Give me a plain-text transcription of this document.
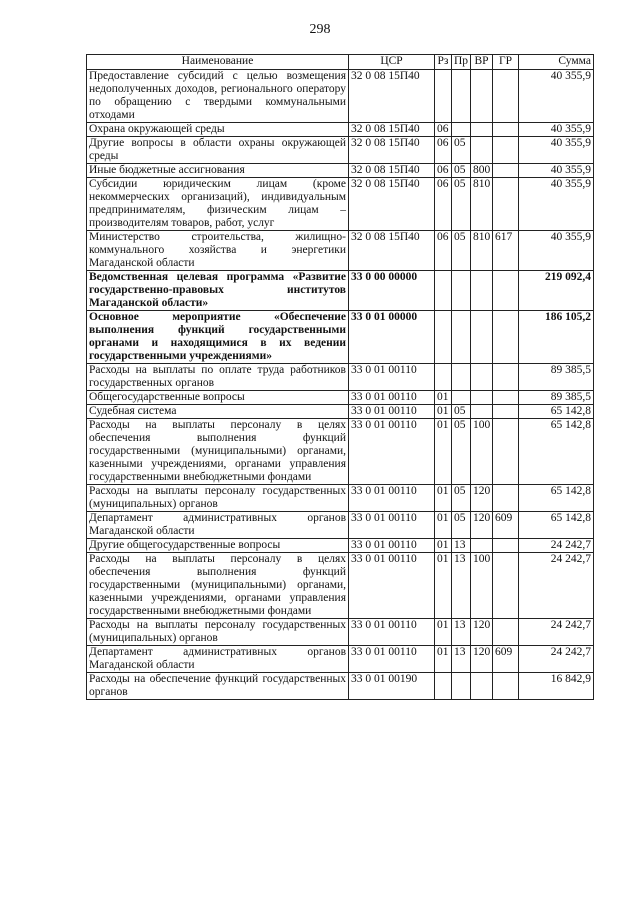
298
Наименование	ЦСР	Рз	Пр	ВР	ГР	Сумма
Предоставление субсидий с целью возмещения недополученных доходов, регионального оператору по обращению с твердыми коммунальными отходами	32 0 08 15П40					40 355,9
Охрана окружающей среды	32 0 08 15П40	06				40 355,9
Другие вопросы в области охраны окружающей среды	32 0 08 15П40	06	05			40 355,9
Иные бюджетные ассигнования	32 0 08 15П40	06	05	800		40 355,9
Субсидии юридическим лицам (кроме некоммерческих организаций), индивидуальным предпринимателям, физическим лицам – производителям товаров, работ, услуг	32 0 08 15П40	06	05	810		40 355,9
Министерство строительства, жилищно-коммунального хозяйства и энергетики Магаданской области	32 0 08 15П40	06	05	810	617	40 355,9
Ведомственная целевая программа «Развитие государственно-правовых институтов Магаданской области»	33 0 00 00000					219 092,4
Основное мероприятие «Обеспечение выполнения функций государственными органами и находящимися в их ведении государственными учреждениями»	33 0 01 00000					186 105,2
Расходы на выплаты по оплате труда работников государственных органов	33 0 01 00110					89 385,5
Общегосударственные вопросы	33 0 01 00110	01				89 385,5
Судебная система	33 0 01 00110	01	05			65 142,8
Расходы на выплаты персоналу в целях обеспечения выполнения функций государственными (муниципальными) органами, казенными учреждениями, органами управления государственными внебюджетными фондами	33 0 01 00110	01	05	100		65 142,8
Расходы на выплаты персоналу государственных (муниципальных) органов	33 0 01 00110	01	05	120		65 142,8
Департамент административных органов Магаданской области	33 0 01 00110	01	05	120	609	65 142,8
Другие общегосударственные вопросы	33 0 01 00110	01	13			24 242,7
Расходы на выплаты персоналу в целях обеспечения выполнения функций государственными (муниципальными) органами, казенными учреждениями, органами управления государственными внебюджетными фондами	33 0 01 00110	01	13	100		24 242,7
Расходы на выплаты персоналу государственных (муниципальных) органов	33 0 01 00110	01	13	120		24 242,7
Департамент административных органов Магаданской области	33 0 01 00110	01	13	120	609	24 242,7
Расходы на обеспечение функций государственных органов	33 0 01 00190					16 842,9
